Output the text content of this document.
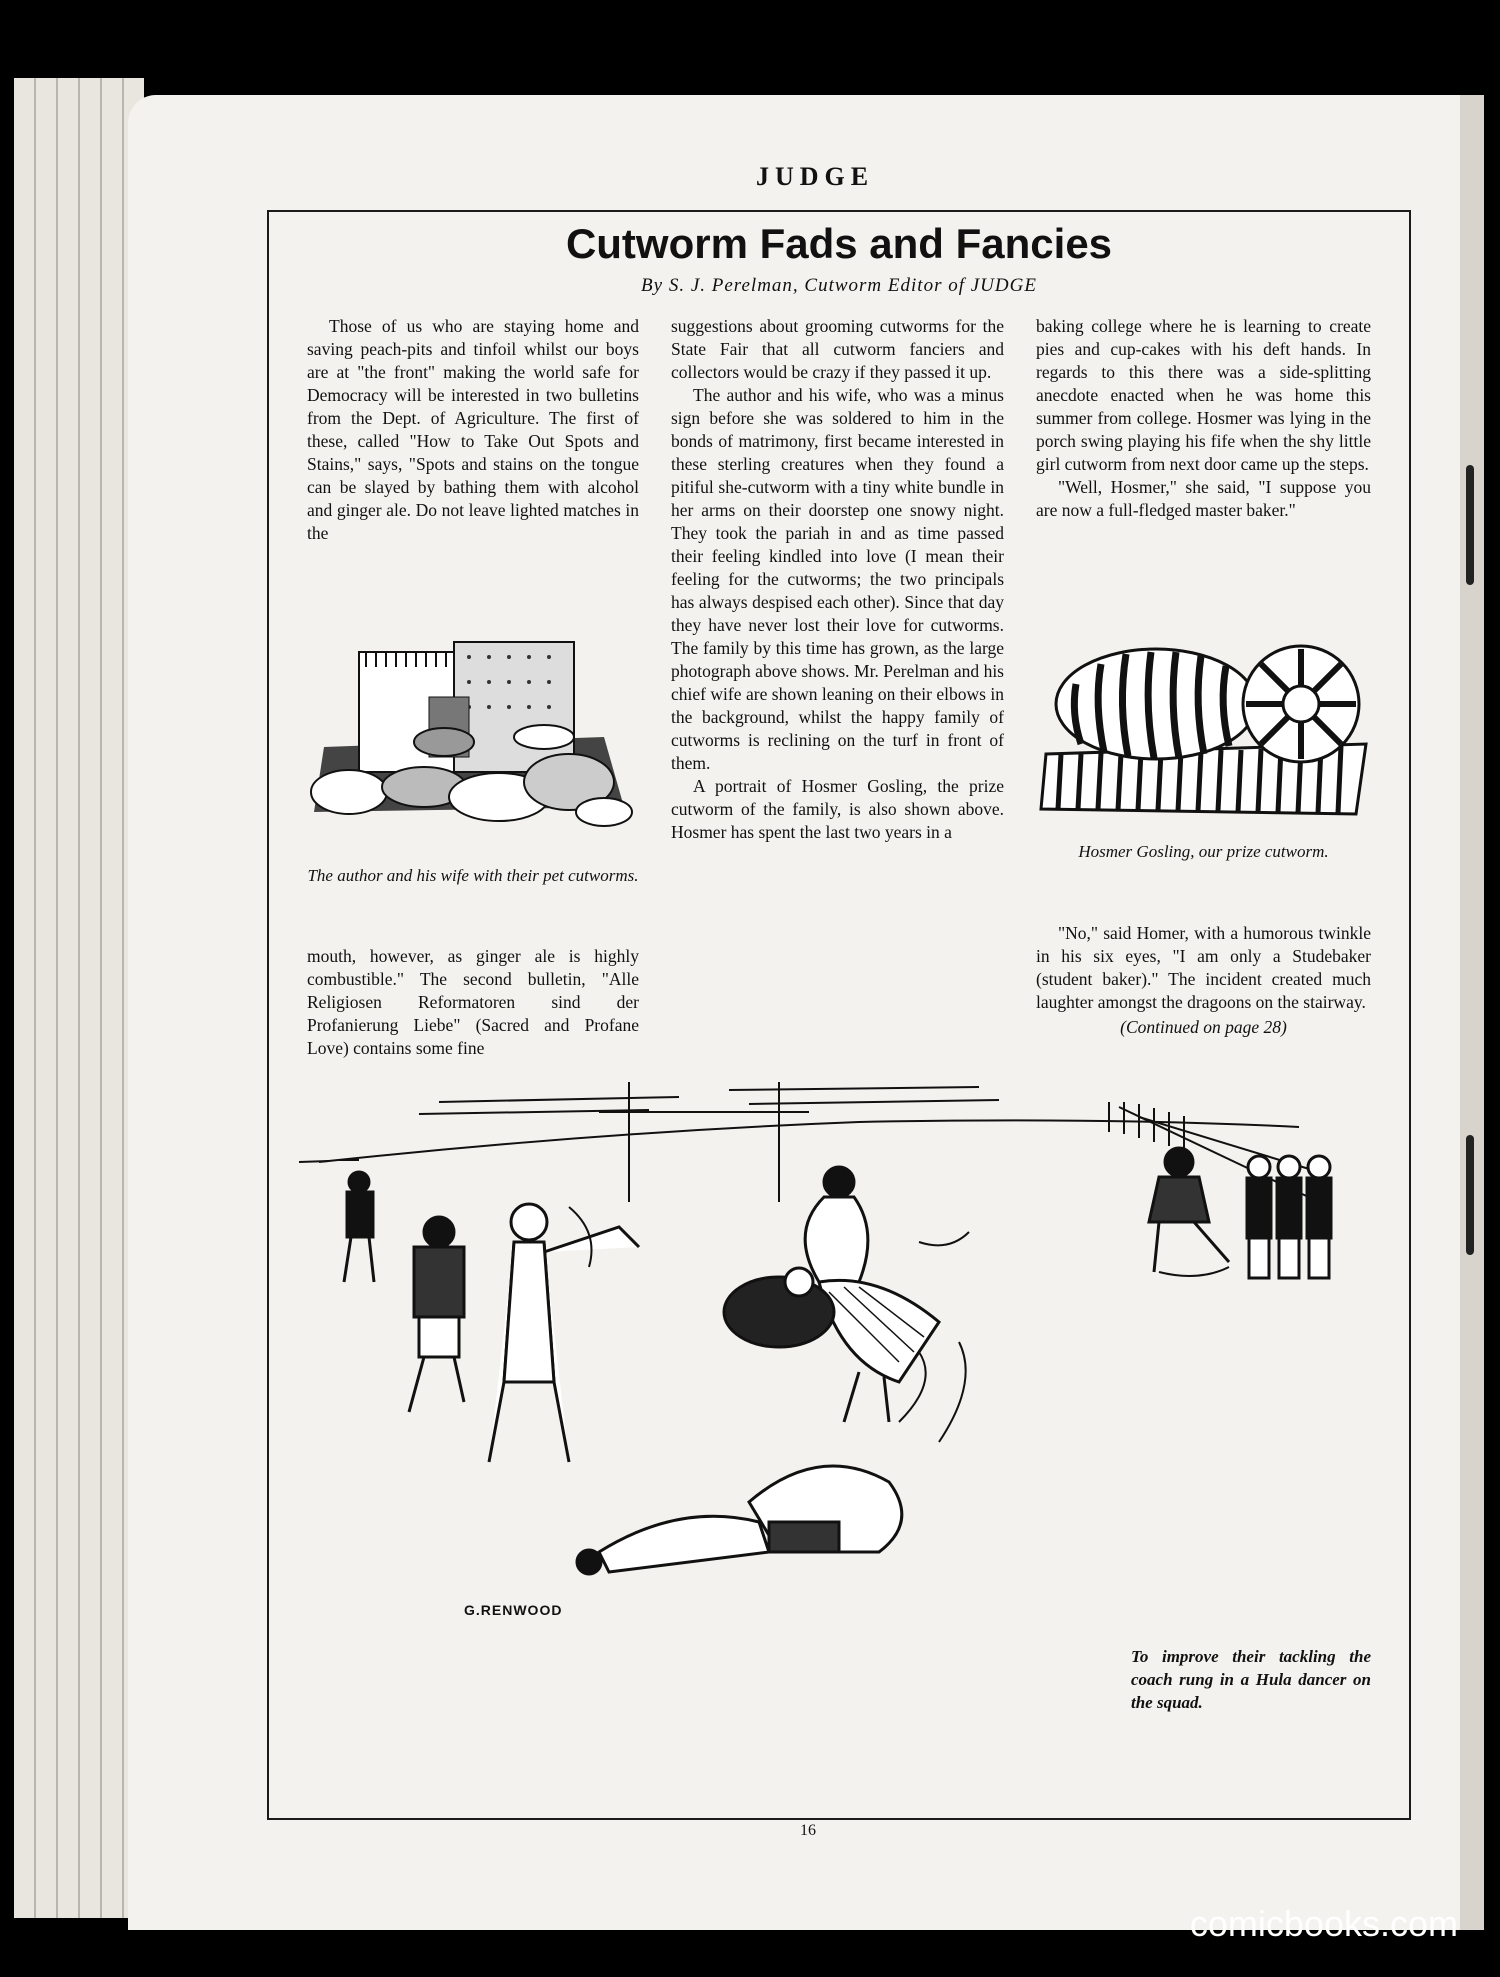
JUDGE
Cutworm Fads and Fancies
By S. J. Perelman, Cutworm Editor of JUDGE

Those of us who are staying home and saving peach-pits and tinfoil whilst our boys are at "the front" making the world safe for Democracy will be interested in two bulletins from the Dept. of Agriculture. The first of these, called "How to Take Out Spots and Stains," says, "Spots and stains on the tongue can be slayed by bathing them with alcohol and ginger ale. Do not leave lighted matches in the

The author and his wife with their pet cutworms.

mouth, however, as ginger ale is highly combustible." The second bulletin, "Alle Religiosen Reformatoren sind der Profanierung Liebe" (Sacred and Profane Love) contains some fine

suggestions about grooming cutworms for the State Fair that all cutworm fanciers and collectors would be crazy if they passed it up.

The author and his wife, who was a minus sign before she was soldered to him in the bonds of matrimony, first became interested in these sterling creatures when they found a pitiful she-cutworm with a tiny white bundle in her arms on their doorstep one snowy night. They took the pariah in and as time passed their feeling kindled into love (I mean their feeling for the cutworms; the two principals has always despised each other). Since that day they have never lost their love for cutworms. The family by this time has grown, as the large photograph above shows. Mr. Perelman and his chief wife are shown leaning on their elbows in the background, whilst the happy family of cutworms is reclining on the turf in front of them.

A portrait of Hosmer Gosling, the prize cutworm of the family, is also shown above. Hosmer has spent the last two years in a

baking college where he is learning to create pies and cup-cakes with his deft hands. In regards to this there was a side-splitting anecdote enacted when he was home this summer from college. Hosmer was lying in the porch swing playing his fife when the shy little girl cutworm from next door came up the steps.

"Well, Hosmer," she said, "I suppose you are now a full-fledged master baker."

Hosmer Gosling, our prize cutworm.

"No," said Homer, with a humorous twinkle in his six eyes, "I am only a Studebaker (student baker)." The incident created much laughter amongst the dragoons on the stairway.

(Continued on page 28)
G.RENWOOD
To improve their tackling the coach rung in a Hula dancer on the squad.
16
comicbooks.com
